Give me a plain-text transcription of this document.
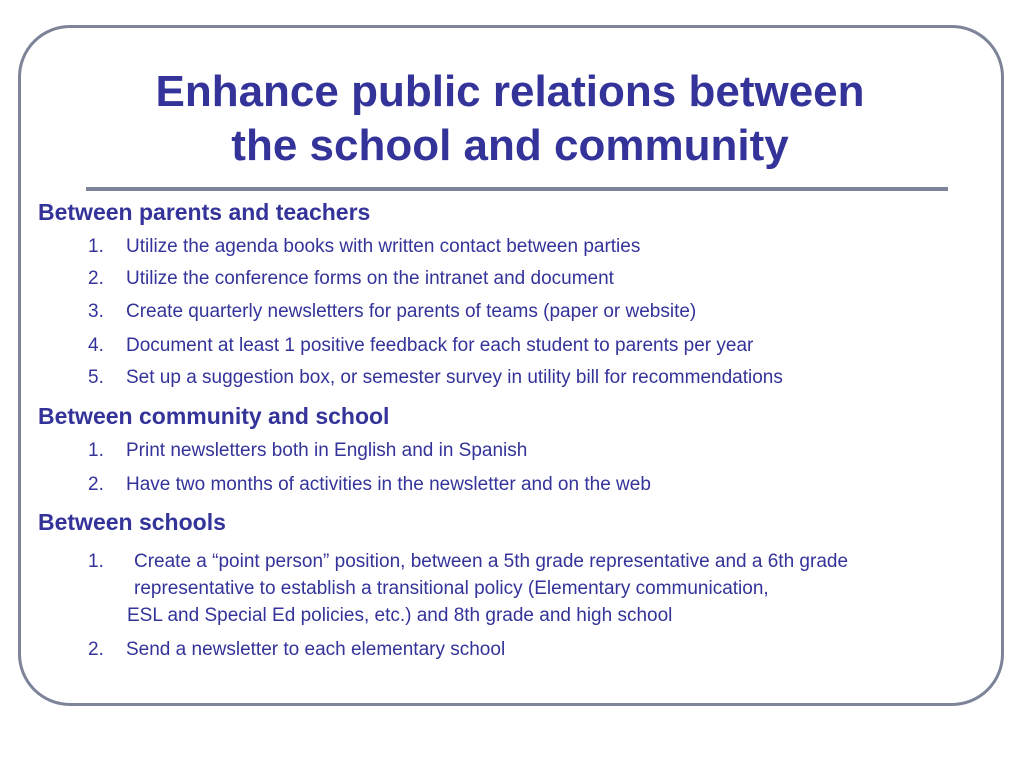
Enhance public relations between
the school and community
Between parents and teachers
1. Utilize the agenda books with written contact between parties
2. Utilize the conference forms on the intranet and document
3. Create quarterly newsletters for parents of teams (paper or website)
4. Document at least 1 positive feedback for each student to parents per year
5. Set up a suggestion box, or semester survey in utility bill for recommendations
Between community and school
1. Print newsletters both in English and in Spanish
2. Have two months of activities in the newsletter and on the web
Between schools
1. Create a “point person” position, between a 5th grade representative and a 6th grade
representative to establish a transitional policy (Elementary communication,
ESL and Special Ed policies, etc.) and 8th grade and high school
2. Send a newsletter to each elementary school
